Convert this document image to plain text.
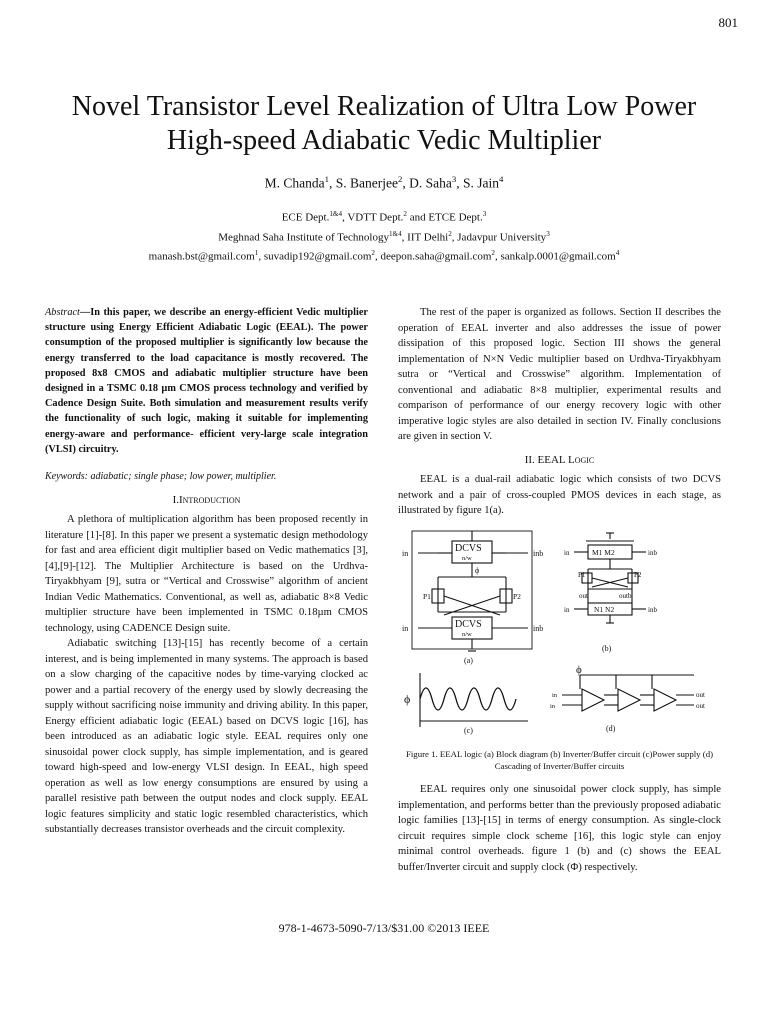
801
Novel Transistor Level Realization of Ultra Low Power High-speed Adiabatic Vedic Multiplier
M. Chanda$^1$, S. Banerjee$^2$, D. Saha$^3$, S. Jain$^4$
ECE Dept.$^{1\&4}$, VDTT Dept.$^2$ and ETCE Dept.$^3$
Meghnad Saha Institute of Technology$^{1\&4}$, IIT Delhi$^2$, Jadavpur University$^3$
manash.bst@gmail.com$^1$, suvadip192@gmail.com$^2$, deepon.saha@gmail.com$^2$, sankalp.0001@gmail.com$^4$

Abstract—In this paper, we describe an energy-efficient Vedic multiplier structure using Energy Efficient Adiabatic Logic (EEAL). The power consumption of the proposed multiplier is significantly low because the energy transferred to the load capacitance is mostly recovered. The proposed 8x8 CMOS and adiabatic multiplier structure have been designed in a TSMC 0.18 µm CMOS process technology and verified by Cadence Design Suite. Both simulation and measurement results verify the functionality of such logic, making it suitable for implementing energy-aware and performance- efficient very-large scale integration (VLSI) circuitry.

Keywords: adiabatic; single phase; low power, multiplier.

I.Introduction

A plethora of multiplication algorithm has been proposed recently in literature [1]-[8]. In this paper we present a systematic design methodology for fast and area efficient digit multiplier based on Vedic mathematics [3],[4],[9]-[12]. The Multiplier Architecture is based on the Urdhva-Tiryakbhyam [9], sutra or “Vertical and Crosswise” algorithm of ancient Indian Vedic Mathematics. Conventional, as well as, adiabatic 8×8 Vedic multiplier structure have been implemented in TSMC 0.18µm CMOS technology, using CADENCE Design suite.

Adiabatic switching [13]-[15] has recently become of a certain interest, and is being implemented in many systems. The approach is based on a slow charging of the capacitive nodes by time-varying clocked ac power and a partial recovery of the energy used by slowly decreasing the supply without sacrificing noise immunity and driving ability. In this paper, Energy efficient adiabatic logic (EEAL) based on DCVS logic [16], has been introduced as an adiabatic logic style. EEAL requires only one sinusoidal power clock supply, has simple implementation, and is geared toward high-speed and low-energy VLSI design. In EEAL, high speed operation as well as low energy consumptions are ensured by using a parallel resistive path between the output nodes and clock supply. EEAL logic features simplicity and static logic resembled characteristics, which substantially decreases transistor overheads and the circuit complexity.

The rest of the paper is organized as follows. Section II describes the operation of EEAL inverter and also addresses the issue of power dissipation of this proposed logic. Section III shows the general implementation of N×N Vedic multiplier based on Urdhva-Tiryakbhyam sutra or “Vertical and Crosswise” algorithm. Implementation of conventional and adiabatic 8×8 multiplier, experimental results and comparison of performance of our energy recovery logic with other imperative logic styles are also detailed in section IV. Finally conclusions are given in section V.

II. EEAL Logic

EEAL is a dual-rail adiabatic logic which consists of two DCVS network and a pair of cross-coupled PMOS devices in each stage, as illustrated by figure 1(a).

DCVS
n/w
DCVS
n/w
in	inb
in	inb
ϕ
P1	P2
(a)
M1 M2
N1 N2
P1	P2
out	outb
in	inb
in	inb
(b)
ϕ
(c)
ϕ
in
in
out
out
(d)

Figure 1. EEAL logic (a) Block diagram (b) Inverter/Buffer circuit (c)Power supply (d) Cascading of Inverter/Buffer circuits

EEAL requires only one sinusoidal power clock supply, has simple implementation, and performs better than the previously proposed adiabatic logic families [13]-[15] in terms of energy consumption. As single-clock circuit requires simple clock scheme [16], this logic style can enjoy minimal control overheads. figure 1 (b) and (c) shows the EEAL buffer/Inverter circuit and supply clock (Φ) respectively.

978-1-4673-5090-7/13/$31.00 ©2013 IEEE
